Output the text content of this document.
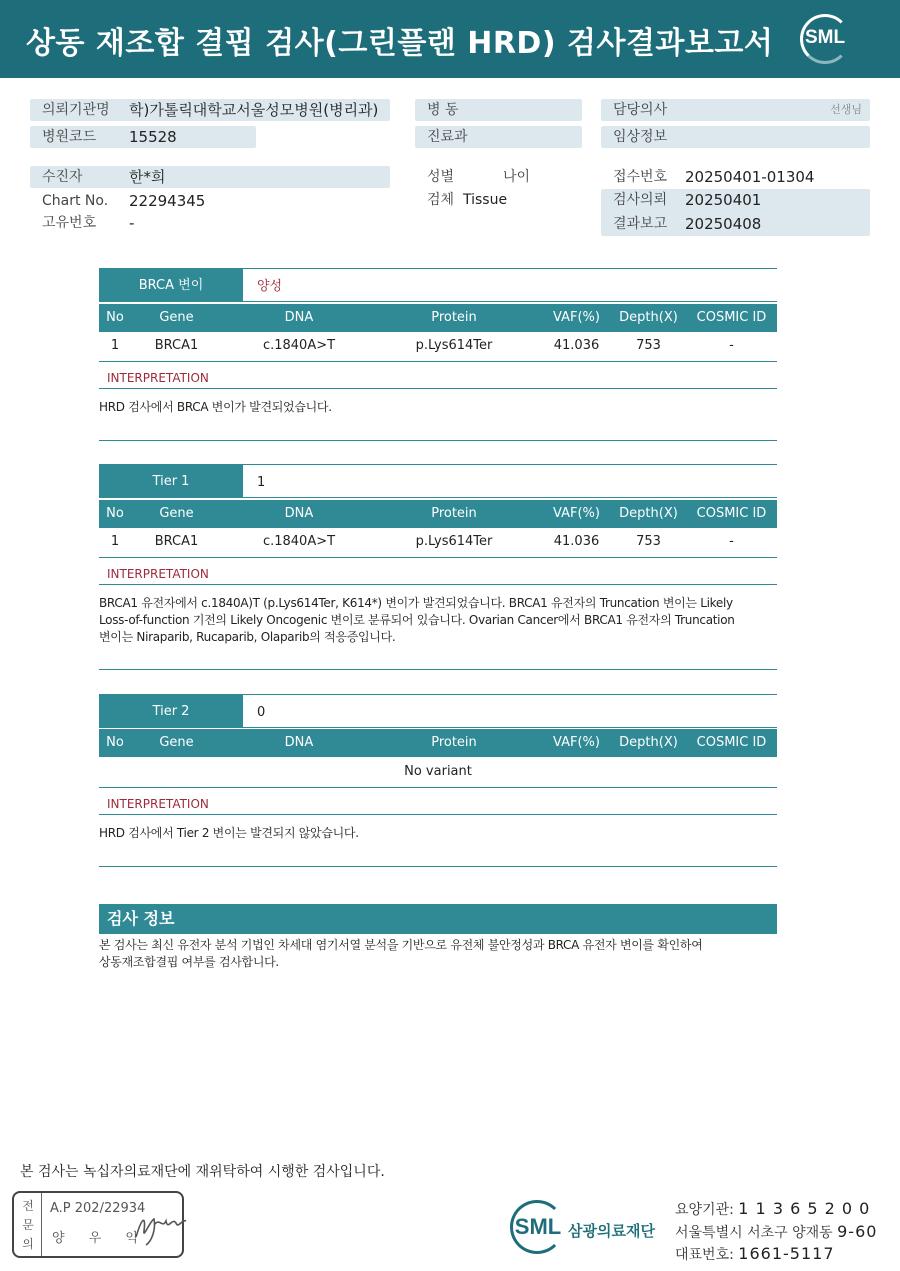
상동 재조합 결핍 검사(그린플랜 HRD) 검사결과보고서 SML
의뢰기관명 학)가톨릭대학교서울성모병원(병리과)
병원코드 15528
병 동
진료과
담당의사	선생님
임상정보
수진자	한*희
Chart No. 22294345
고유번호 -
성별	나이
검체 Tissue
접수번호 20250401-01304
검사의뢰 20250401
결과보고 20250408
BRCA 변이	양성
No	Gene	DNA	Protein	VAF(%)	Depth(X)	COSMIC ID
1	BRCA1	c.1840A>T	p.Lys614Ter	41.036	753	-
INTERPRETATION
HRD 검사에서 BRCA 변이가 발견되었습니다.
Tier 1	1
No	Gene	DNA	Protein	VAF(%)	Depth(X)	COSMIC ID
1	BRCA1	c.1840A>T	p.Lys614Ter	41.036	753	-
INTERPRETATION
BRCA1 유전자에서 c.1840A)T (p.Lys614Ter, K614*) 변이가 발견되었습니다. BRCA1 유전자의 Truncation 변이는 Likely
Loss-of-function 기전의 Likely Oncogenic 변이로 분류되어 있습니다. Ovarian Cancer에서 BRCA1 유전자의 Truncation
변이는 Niraparib, Rucaparib, Olaparib의 적응증입니다.
Tier 2	0
No	Gene	DNA	Protein	VAF(%)	Depth(X)	COSMIC ID
No variant
INTERPRETATION
HRD 검사에서 Tier 2 변이는 발견되지 않았습니다.
검사 정보
본 검사는 최신 유전자 분석 기법인 차세대 염기서열 분석을 기반으로 유전체 불안정성과 BRCA 유전자 변이를 확인하여
상동재조합결핍 여부를 검사합니다.
본 검사는 녹십자의료재단에 재위탁하여 시행한 검사입니다.
전
문
의
A.P 202/22934
양 우 익	SML 삼광의료재단
요양기관: 1 1 3 6 5 2 0 0
서울특별시 서초구 양재동 9-60
대표번호: 1661-5117
